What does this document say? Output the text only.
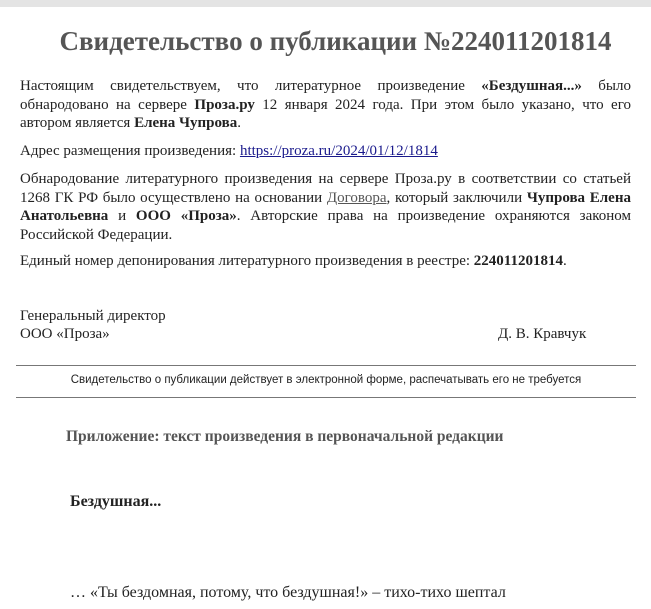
Свидетельство о публикации №224011201814

Настоящим свидетельствуем, что литературное произведение «Бездушная...» было обнародовано на сервере Проза.ру 12 января 2024 года. При этом было указано, что его автором является Елена Чупрова.

Адрес размещения произведения: https://proza.ru/2024/01/12/1814

Обнародование литературного произведения на сервере Проза.ру в соответствии со статьей 1268 ГК РФ было осуществлено на основании Договора, который заключили Чупрова Елена Анатольевна и ООО «Проза». Авторские права на произведение охраняются законом Российской Федерации.

Единый номер депонирования литературного произведения в реестре: 224011201814.

Генеральный директор
ООО «Проза»	Д. В. Кравчук
Свидетельство о публикации действует в электронной форме, распечатывать его не требуется
Приложение: текст произведения в первоначальной редакции
Бездушная...
… «Ты бездомная, потому, что бездушная!» – тихо-тихо шептал
